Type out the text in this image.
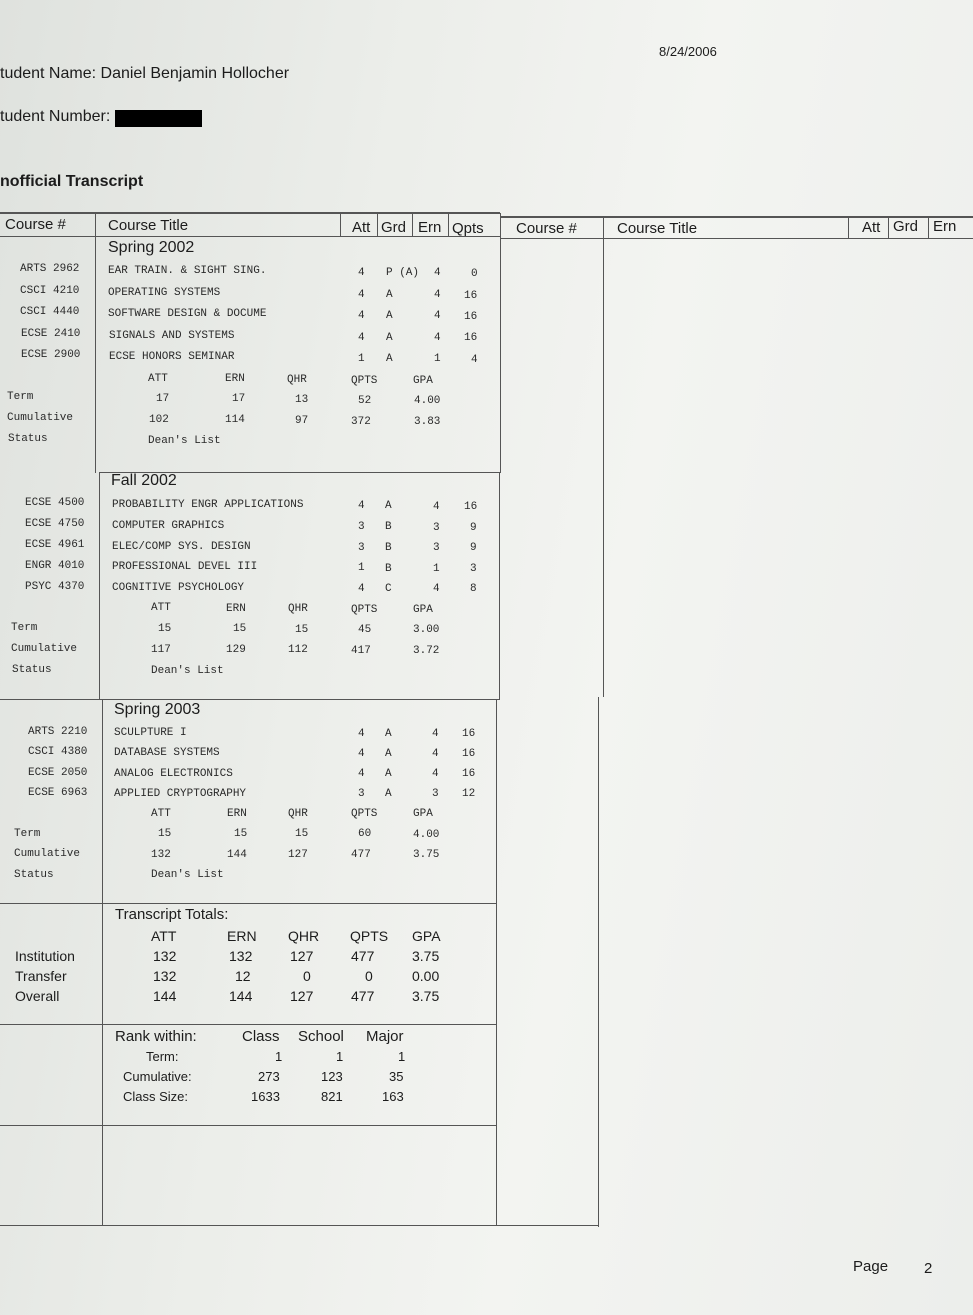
8/24/2006
tudent Name: Daniel Benjamin Hollocher
tudent Number:
nofficial Transcript
Course #	Course Title	Att Grd Ern Qpts Course #	Course Title	Att Grd Ern
Spring 2002
ARTS 2962	EAR TRAIN. & SIGHT SING.	4 P (A) 4	0
CSCI 4210	OPERATING SYSTEMS	4 A	4 16
CSCI 4440	SOFTWARE DESIGN & DOCUME	4 A	4 16
ECSE 2410	SIGNALS AND SYSTEMS	4 A	4 16
ECSE 2900	ECSE HONORS SEMINAR	1 A	1	4
ATT	ERN	QHR	QPTS	GPA
Term	17	17	13	52	4.00
Cumulative	102	114	97	372	3.83
Status	Dean's List
Fall 2002
ECSE 4500	PROBABILITY ENGR APPLICATIONS	4 A	4 16
ECSE 4750	COMPUTER GRAPHICS	3 B	3	9
ECSE 4961	ELEC/COMP SYS. DESIGN	3 B	3	9
ENGR 4010	PROFESSIONAL DEVEL III	1 B	1	3
PSYC 4370	COGNITIVE PSYCHOLOGY	4 C	4	8
ATT	ERN	QHR	QPTS	GPA
Term	15	15	15	45	3.00
Cumulative	117	129	112	417	3.72
Status	Dean's List
Spring 2003
ARTS 2210 SCULPTURE I	4 A	4 16
CSCI 4380 DATABASE SYSTEMS	4 A	4 16
ECSE 2050 ANALOG ELECTRONICS	4 A	4 16
ECSE 6963 APPLIED CRYPTOGRAPHY	3 A	3 12
ATT	ERN	QHR	QPTS	GPA
Term	15	15	15	60	4.00
Cumulative	132	144	127	477	3.75
Status	Dean's List
Transcript Totals:
ATT	ERN QHR QPTS GPA
Institution	132	132	127	477	3.75
Transfer	132	12	0	0	0.00
Overall	144	144	127	477	3.75
Rank within:	Class School Major
Term:	1	1	1
Cumulative:	273	123	35
Class Size:	1633	821	163
Page 2
